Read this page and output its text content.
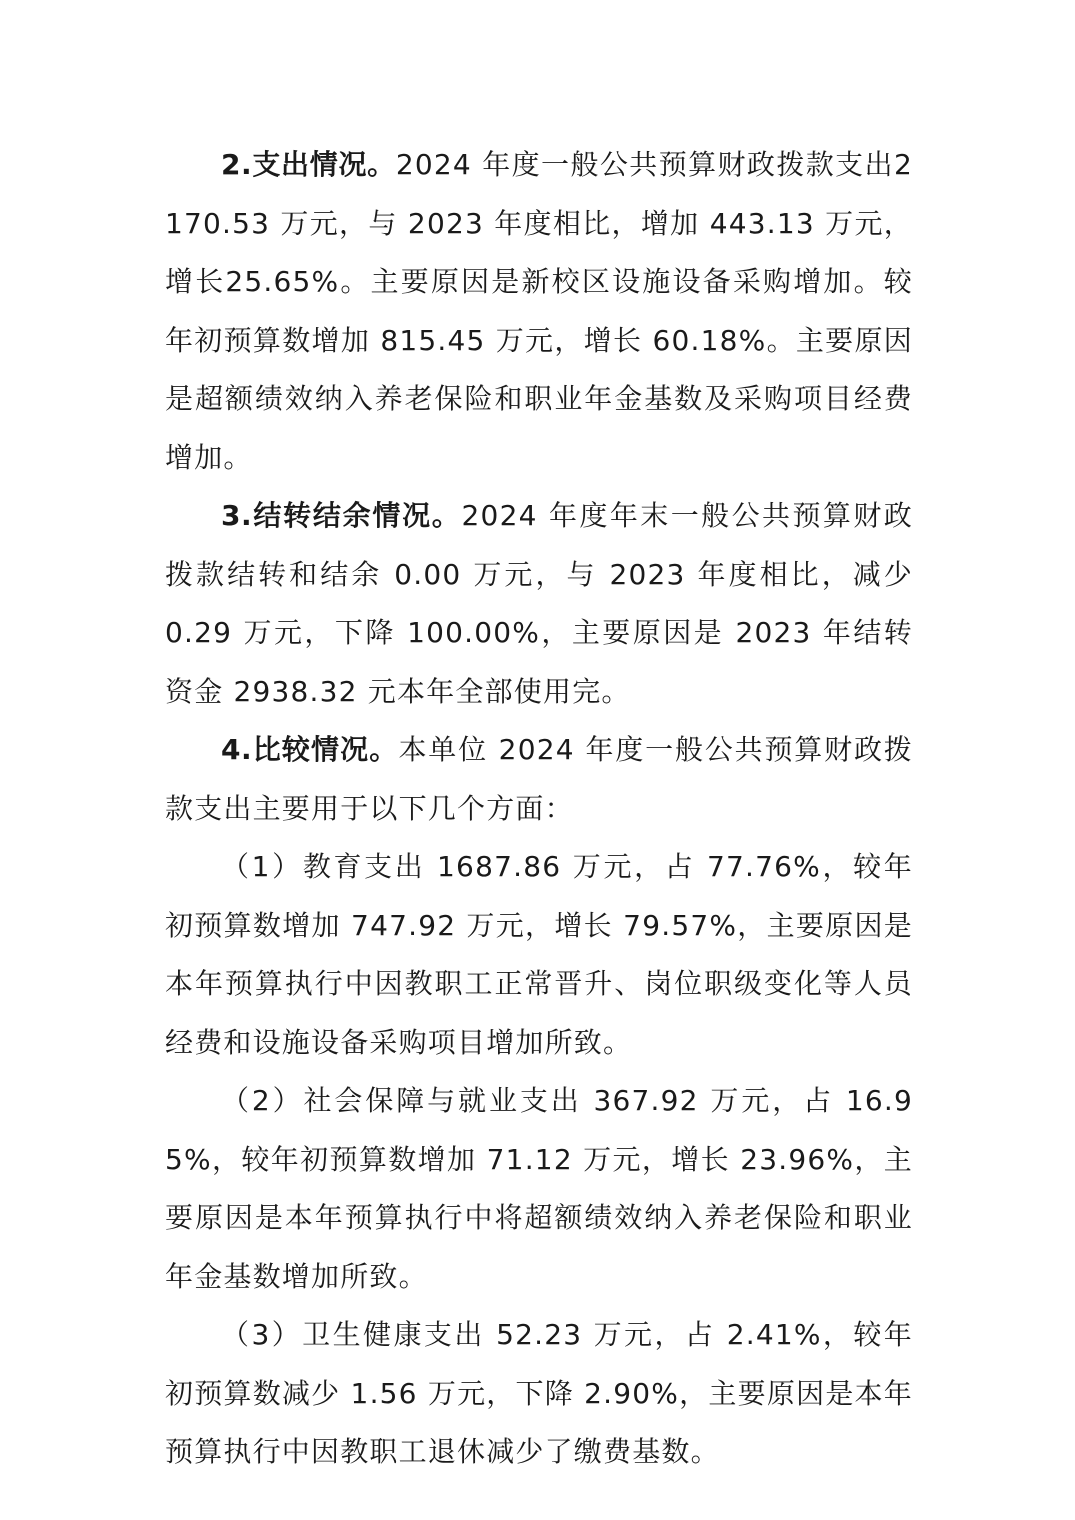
2.支出情况。2024 年度一般公共预算财政拨款支出2170.53 万元，与 2023 年度相比，增加 443.13 万元，增长25.65%。主要原因是新校区设施设备采购增加。较年初预算数增加 815.45 万元，增长 60.18%。主要原因是超额绩效纳入养老保险和职业年金基数及采购项目经费增加。

3.结转结余情况。2024 年度年末一般公共预算财政拨款结转和结余 0.00 万元，与 2023 年度相比，减少 0.29 万元，下降 100.00%，主要原因是 2023 年结转资金 2938.32 元本年全部使用完。

4.比较情况。本单位 2024 年度一般公共预算财政拨款支出主要用于以下几个方面：

（1）教育支出 1687.86 万元，占 77.76%，较年初预算数增加 747.92 万元，增长 79.57%，主要原因是本年预算执行中因教职工正常晋升、岗位职级变化等人员经费和设施设备采购项目增加所致。

（2）社会保障与就业支出 367.92 万元，占 16.95%，较年初预算数增加 71.12 万元，增长 23.96%，主要原因是本年预算执行中将超额绩效纳入养老保险和职业年金基数增加所致。

（3）卫生健康支出 52.23 万元，占 2.41%，较年初预算数减少 1.56 万元，下降 2.90%，主要原因是本年预算执行中因教职工退休减少了缴费基数。
